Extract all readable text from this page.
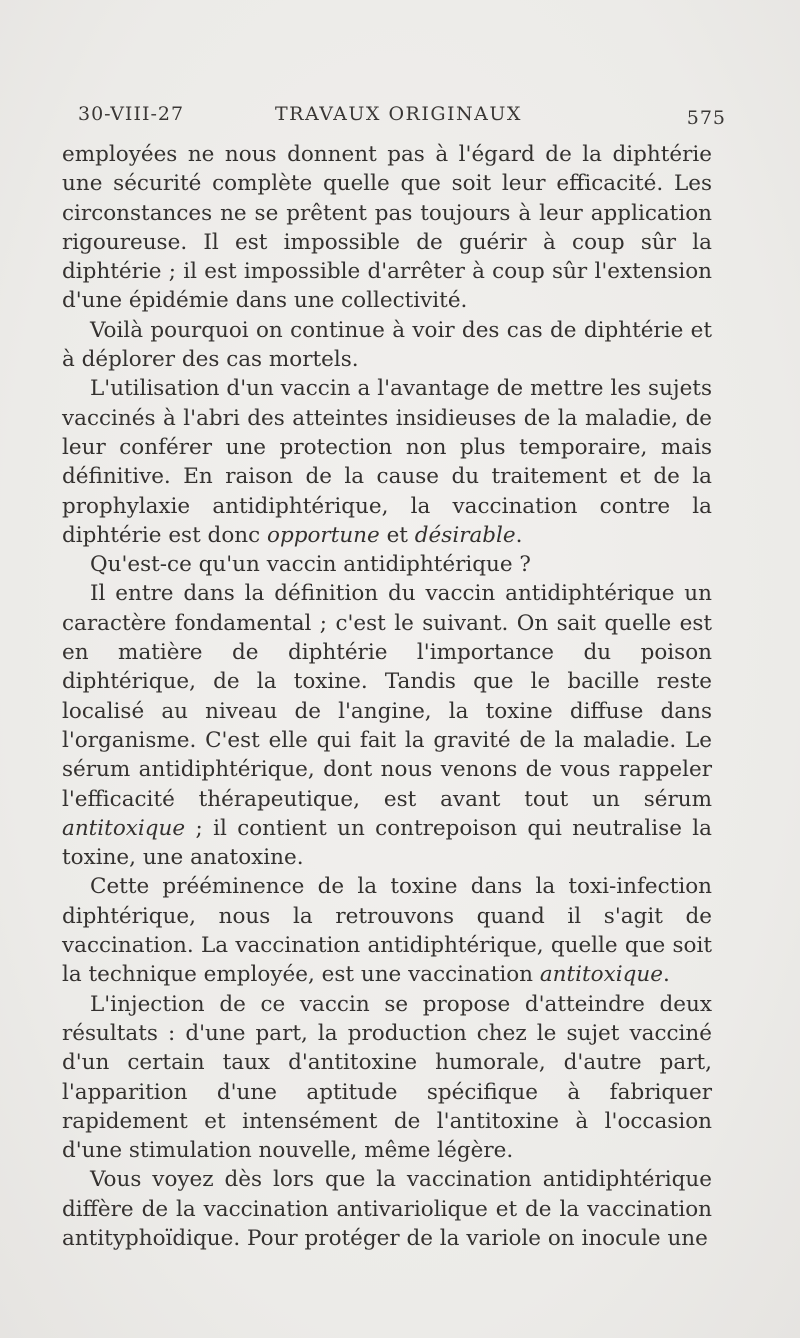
30-VIII-27	TRAVAUX ORIGINAUX	575

employées ne nous donnent pas à l'égard de la diphtérie une sécurité complète quelle que soit leur efficacité. Les circonstances ne se prêtent pas toujours à leur application rigoureuse. Il est impossible de guérir à coup sûr la diphtérie ; il est impossible d'arrêter à coup sûr l'extension d'une épidémie dans une collectivité.

Voilà pourquoi on continue à voir des cas de diphtérie et à déplorer des cas mortels.

L'utilisation d'un vaccin a l'avantage de mettre les sujets vaccinés à l'abri des atteintes insidieuses de la maladie, de leur conférer une protection non plus temporaire, mais définitive. En raison de la cause du traitement et de la prophylaxie antidiphtérique, la vaccination contre la diphtérie est donc opportune et désirable.

Qu'est-ce qu'un vaccin antidiphtérique ?

Il entre dans la définition du vaccin antidiphtérique un caractère fondamental ; c'est le suivant. On sait quelle est en matière de diphtérie l'importance du poison diphtérique, de la toxine. Tandis que le bacille reste localisé au niveau de l'angine, la toxine diffuse dans l'organisme. C'est elle qui fait la gravité de la maladie. Le sérum antidiphtérique, dont nous venons de vous rappeler l'efficacité thérapeutique, est avant tout un sérum antitoxique ; il contient un contrepoison qui neutralise la toxine, une anatoxine.

Cette prééminence de la toxine dans la toxi-infection diphtérique, nous la retrouvons quand il s'agit de vaccination. La vaccination antidiphtérique, quelle que soit la technique employée, est une vaccination antitoxique.

L'injection de ce vaccin se propose d'atteindre deux résultats : d'une part, la production chez le sujet vacciné d'un certain taux d'antitoxine humorale, d'autre part, l'apparition d'une aptitude spécifique à fabriquer rapidement et intensément de l'antitoxine à l'occasion d'une stimulation nouvelle, même légère.

Vous voyez dès lors que la vaccination antidiphtérique diffère de la vaccination antivariolique et de la vaccination antityphoïdique. Pour protéger de la variole on inocule une
